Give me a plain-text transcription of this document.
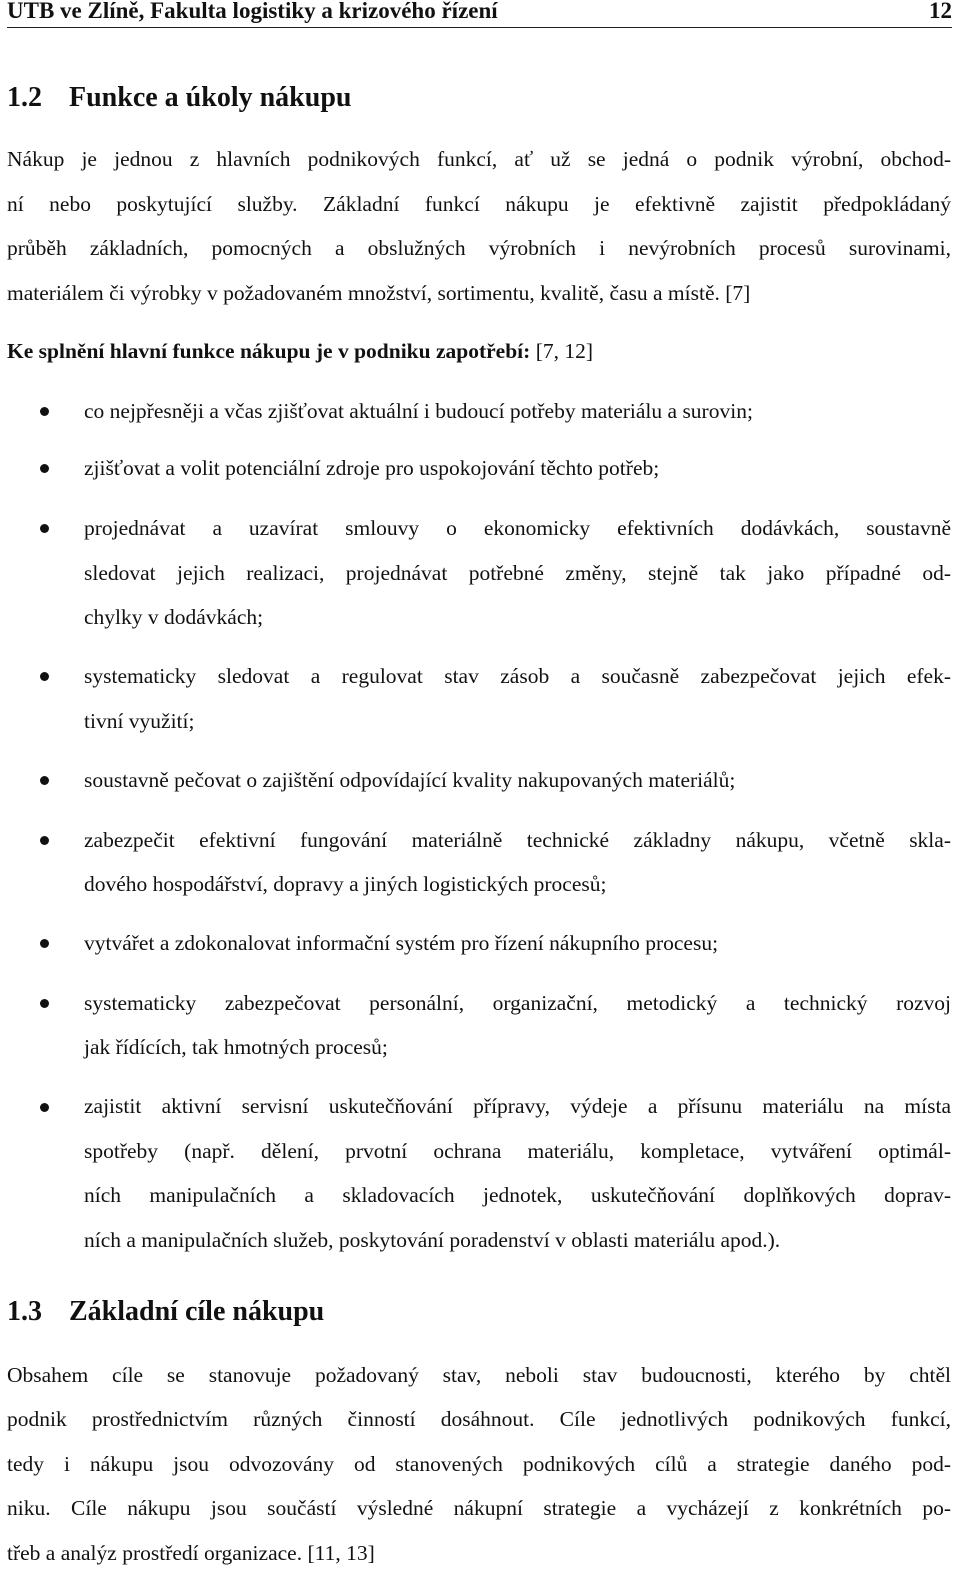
UTB ve Zlíně, Fakulta logistiky a krizového řízení	12
1.2 Funkce a úkoly nákupu
Nákup je jednou z hlavních podnikových funkcí, ať už se jedná o podnik výrobní, obchod-
ní nebo poskytující služby. Základní funkcí nákupu je efektivně zajistit předpokládaný
průběh základních, pomocných a obslužných výrobních i nevýrobních procesů surovinami,
materiálem či výrobky v požadovaném množství, sortimentu, kvalitě, času a místě. [7]
Ke splnění hlavní funkce nákupu je v podniku zapotřebí: [7, 12]
co nejpřesněji a včas zjišťovat aktuální i budoucí potřeby materiálu a surovin;
zjišťovat a volit potenciální zdroje pro uspokojování těchto potřeb;
projednávat a uzavírat smlouvy o ekonomicky efektivních dodávkách, soustavně
sledovat jejich realizaci, projednávat potřebné změny, stejně tak jako případné od-
chylky v dodávkách;
systematicky sledovat a regulovat stav zásob a současně zabezpečovat jejich efek-
tivní využití;
soustavně pečovat o zajištění odpovídající kvality nakupovaných materiálů;
zabezpečit efektivní fungování materiálně technické základny nákupu, včetně skla-
dového hospodářství, dopravy a jiných logistických procesů;
vytvářet a zdokonalovat informační systém pro řízení nákupního procesu;
systematicky zabezpečovat personální, organizační, metodický a technický rozvoj
jak řídících, tak hmotných procesů;
zajistit aktivní servisní uskutečňování přípravy, výdeje a přísunu materiálu na místa
spotřeby (např. dělení, prvotní ochrana materiálu, kompletace, vytváření optimál-
ních manipulačních a skladovacích jednotek, uskutečňování doplňkových doprav-
ních a manipulačních služeb, poskytování poradenství v oblasti materiálu apod.).
1.3 Základní cíle nákupu
Obsahem cíle se stanovuje požadovaný stav, neboli stav budoucnosti, kterého by chtěl
podnik prostřednictvím různých činností dosáhnout. Cíle jednotlivých podnikových funkcí,
tedy i nákupu jsou odvozovány od stanovených podnikových cílů a strategie daného pod-
niku. Cíle nákupu jsou součástí výsledné nákupní strategie a vycházejí z konkrétních po-
třeb a analýz prostředí organizace. [11, 13]
